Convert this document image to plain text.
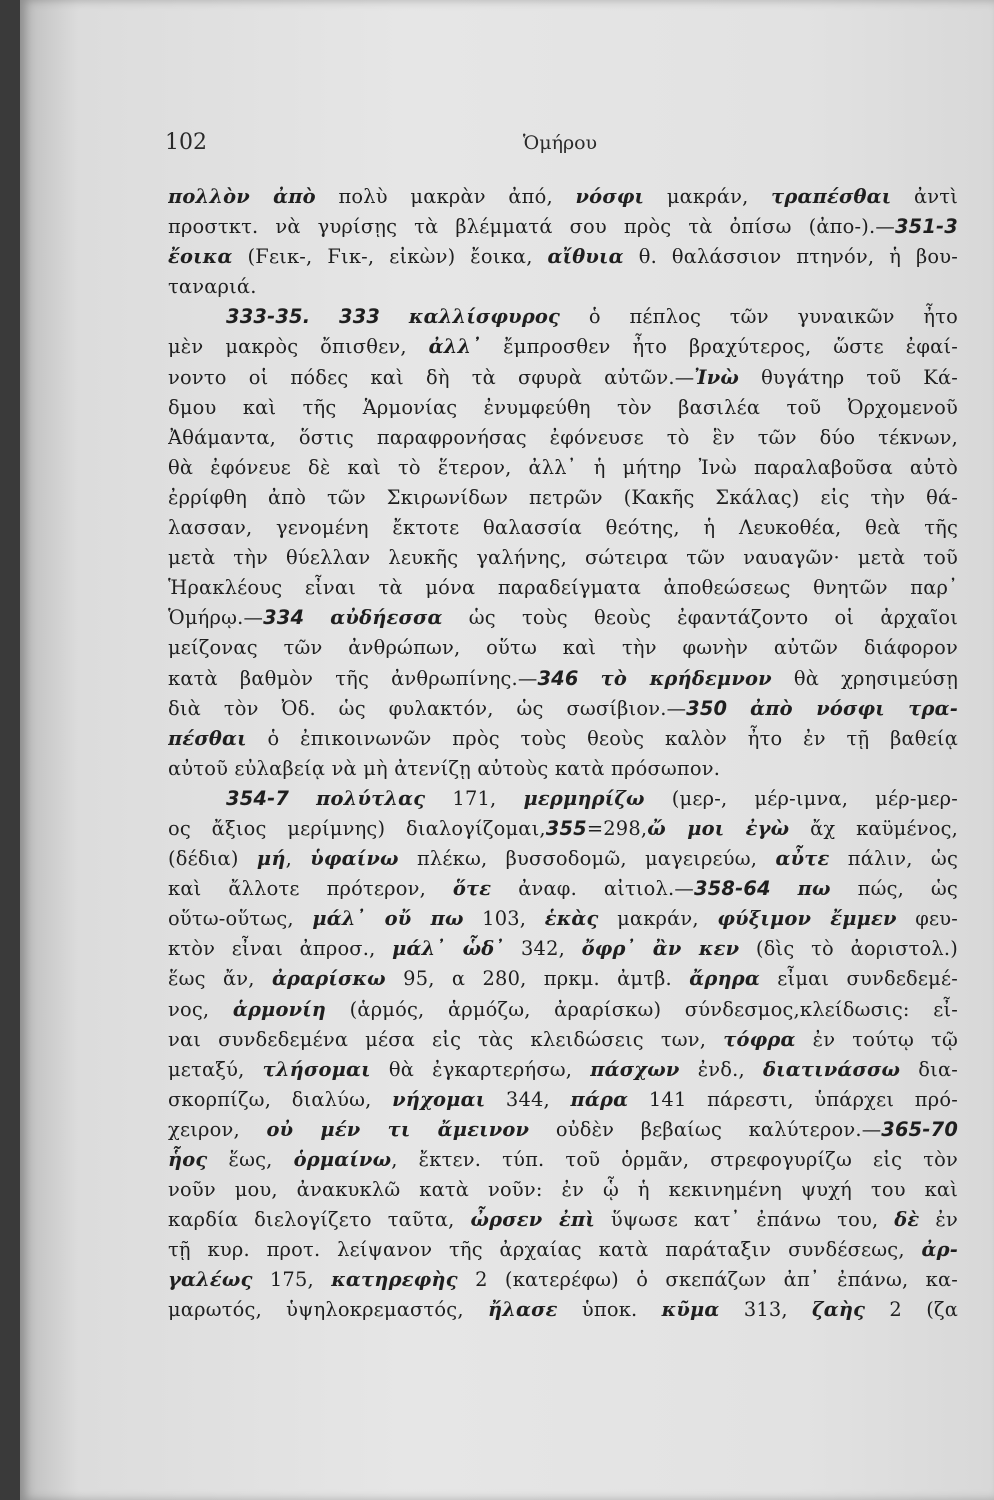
102	Ὁμήρου
πολλὸν ἀπὸ πολὺ μακρὰν ἀπό, νόσφι μακράν, τραπέσθαι ἀντὶ
προστκτ. νὰ γυρίσῃς τὰ βλέμματά σου πρὸς τὰ ὀπίσω (ἀπο-).—351-3
ἔοικα (Ϝεικ-, Ϝικ-, εἰκὼν) ἔοικα, αἴθυια θ. θαλάσσιον πτηνόν, ἡ βου-
ταναριά.
333-35. 333 καλλίσφυρος ὁ πέπλος τῶν γυναικῶν ἦτο
μὲν μακρὸς ὄπισθεν, ἀλλ᾽ ἔμπροσθεν ἦτο βραχύτερος, ὥστε ἐφαί-
νοντο οἱ πόδες καὶ δὴ τὰ σφυρὰ αὐτῶν.—Ἰνὼ θυγάτηρ τοῦ Κά-
δμου καὶ τῆς Ἁρμονίας ἐνυμφεύθη τὸν βασιλέα τοῦ Ὀρχομενοῦ
Ἀθάμαντα, ὅστις παραφρονήσας ἐφόνευσε τὸ ἓν τῶν δύο τέκνων,
θὰ ἐφόνευε δὲ καὶ τὸ ἕτερον, ἀλλ᾽ ἡ μήτηρ Ἰνὼ παραλαβοῦσα αὐτὸ
ἐρρίφθη ἀπὸ τῶν Σκιρωνίδων πετρῶν (Κακῆς Σκάλας) εἰς τὴν θά-
λασσαν, γενομένη ἔκτοτε θαλασσία θεότης, ἡ Λευκοθέα, θεὰ τῆς
μετὰ τὴν θύελλαν λευκῆς γαλήνης, σώτειρα τῶν ναυαγῶν· μετὰ τοῦ
Ἡρακλέους εἶναι τὰ μόνα παραδείγματα ἀποθεώσεως θνητῶν παρ᾽
Ὁμήρῳ.—334 αὐδήεσσα ὡς τοὺς θεοὺς ἐφαντάζοντο οἱ ἀρχαῖοι
μείζονας τῶν ἀνθρώπων, οὕτω καὶ τὴν φωνὴν αὐτῶν διάφορον
κατὰ βαθμὸν τῆς ἀνθρωπίνης.—346 τὸ κρήδεμνον θὰ χρησιμεύσῃ
διὰ τὸν Ὀδ. ὡς φυλακτόν, ὡς σωσίβιον.—350 ἀπὸ νόσφι τρα-
πέσθαι ὁ ἐπικοινωνῶν πρὸς τοὺς θεοὺς καλὸν ἦτο ἐν τῇ βαθείᾳ
αὐτοῦ εὐλαβείᾳ νὰ μὴ ἀτενίζῃ αὐτοὺς κατὰ πρόσωπον.
354-7 πολύτλας 171, μερμηρίζω (μερ-, μέρ-ιμνα, μέρ-μερ-
ος ἄξιος μερίμνης) διαλογίζομαι,355=298,ὤ μοι ἐγὼ ἄχ καϋμένος,
(δέδια) μή, ὑφαίνω πλέκω, βυσσοδομῶ, μαγειρεύω, αὖτε πάλιν, ὡς
καὶ ἄλλοτε πρότερον, ὅτε ἀναφ. αἰτιολ.—358-64 πω πώς, ὡς
οὕτω-οὕτως, μάλ᾽ οὔ πω 103, ἑκὰς μακράν, φύξιμον ἔμμεν φευ-
κτὸν εἶναι ἀπροσ., μάλ᾽ ὧδ᾽ 342, ὄφρ᾽ ἂν κεν (δὶς τὸ ἀοριστολ.)
ἕως ἄν, ἀραρίσκω 95, α 280, πρκμ. ἀμτβ. ἄρηρα εἶμαι συνδεδεμέ-
νος, ἁρμονίη (ἁρμός, ἁρμόζω, ἀραρίσκω) σύνδεσμος,κλείδωσις: εἶ-
ναι συνδεδεμένα μέσα εἰς τὰς κλειδώσεις των, τόφρα ἐν τούτῳ τῷ
μεταξύ, τλήσομαι θὰ ἐγκαρτερήσω, πάσχων ἐνδ., διατινάσσω δια-
σκορπίζω, διαλύω, νήχομαι 344, πάρα 141 πάρεστι, ὑπάρχει πρό-
χειρον, οὐ μέν τι ἄμεινον οὐδὲν βεβαίως καλύτερον.—365-70
ἧος ἕως, ὁρμαίνω, ἔκτεν. τύπ. τοῦ ὁρμᾶν, στρεφογυρίζω εἰς τὸν
νοῦν μου, ἀνακυκλῶ κατὰ νοῦν: ἐν ᾧ ἡ κεκινημένη ψυχή του καὶ
καρδία διελογίζετο ταῦτα, ὦρσεν ἐπὶ ὕψωσε κατ᾽ ἐπάνω του, δὲ ἐν
τῇ κυρ. προτ. λείψανον τῆς ἀρχαίας κατὰ παράταξιν συνδέσεως, ἀρ-
γαλέως 175, κατηρεφὴς 2 (κατερέφω) ὁ σκεπάζων ἀπ᾽ ἐπάνω, κα-
μαρωτός, ὑψηλοκρεμαστός, ἤλασε ὑποκ. κῦμα 313, ζαὴς 2 (ζα
